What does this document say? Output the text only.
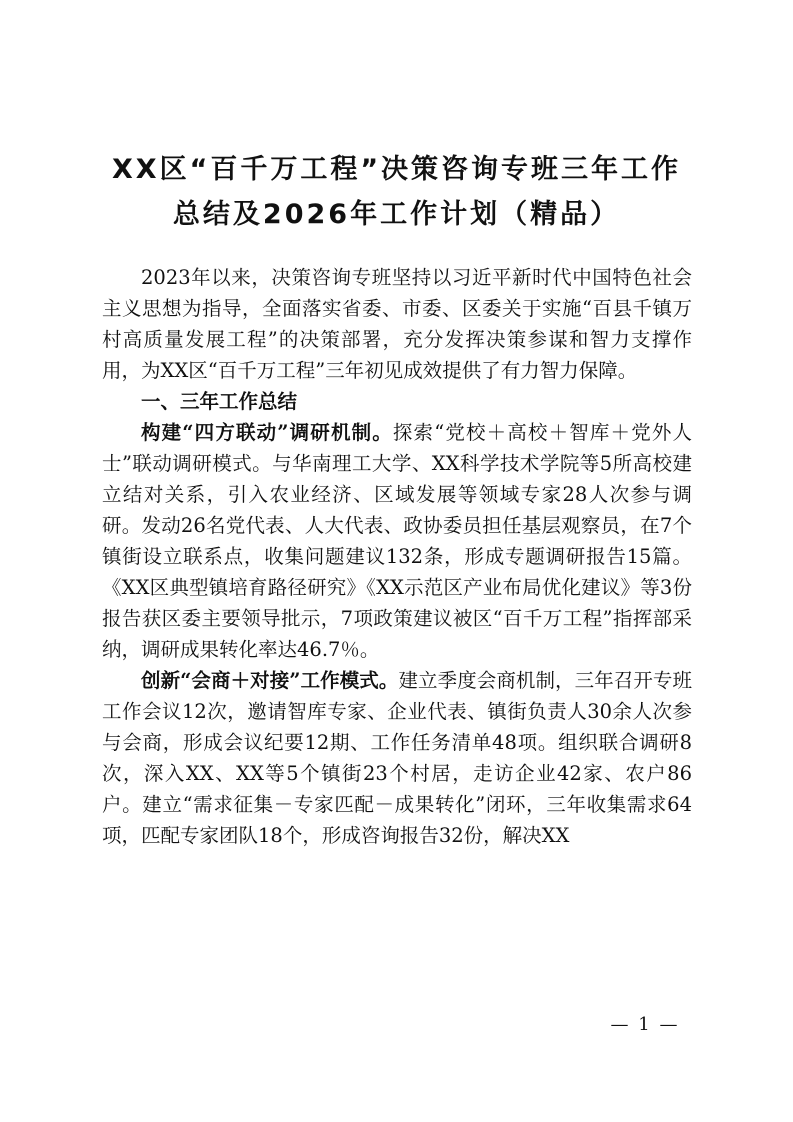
XX区“百千万工程”决策咨询专班三年工作
总结及2026年工作计划（精品）

2023年以来，决策咨询专班坚持以习近平新时代中国特色社会主义思想为指导，全面落实省委、市委、区委关于实施“百县千镇万村高质量发展工程”的决策部署，充分发挥决策参谋和智力支撑作用，为XX区“百千万工程”三年初见成效提供了有力智力保障。

一、三年工作总结

构建“四方联动”调研机制。探索“党校＋高校＋智库＋党外人士”联动调研模式。与华南理工大学、XX科学技术学院等5所高校建立结对关系，引入农业经济、区域发展等领域专家28人次参与调研。发动26名党代表、人大代表、政协委员担任基层观察员，在7个镇街设立联系点，收集问题建议132条，形成专题调研报告15篇。《XX区典型镇培育路径研究》《XX示范区产业布局优化建议》等3份报告获区委主要领导批示，7项政策建议被区“百千万工程”指挥部采纳，调研成果转化率达46.7％。

创新“会商＋对接”工作模式。建立季度会商机制，三年召开专班工作会议12次，邀请智库专家、企业代表、镇街负责人30余人次参与会商，形成会议纪要12期、工作任务清单48项。组织联合调研8次，深入XX、XX等5个镇街23个村居，走访企业42家、农户86户。建立“需求征集－专家匹配－成果转化”闭环，三年收集需求64项，匹配专家团队18个，形成咨询报告32份，解决XX

— 1 —
